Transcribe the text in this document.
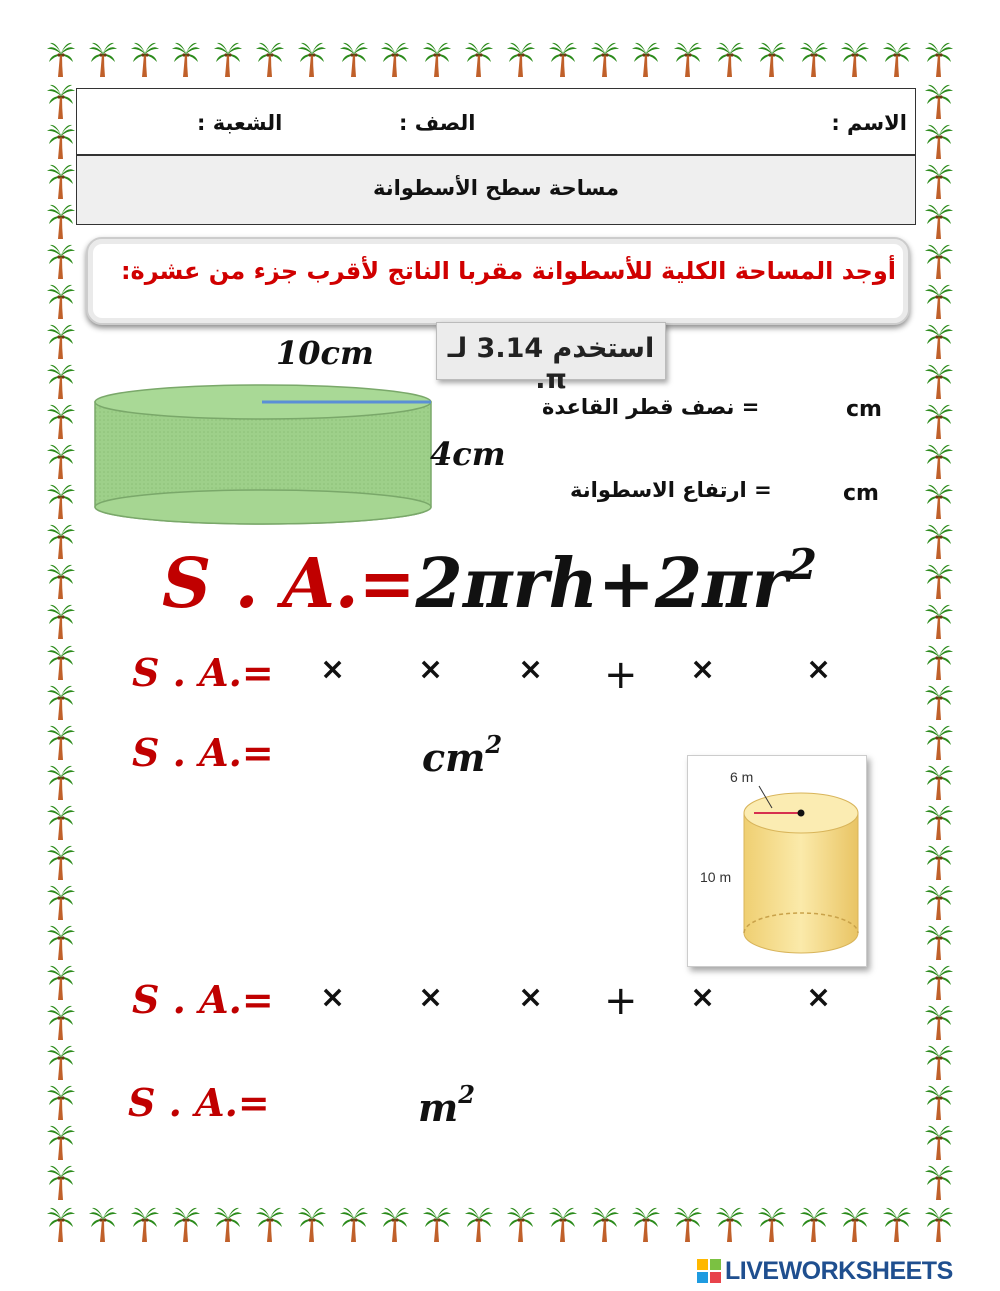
الاسم :
الصف :
الشعبة :
مساحة سطح الأسطوانة
أوجد المساحة الكلية للأسطوانة مقربا الناتج لأقرب جزء من عشرة:
استخدم 3.14 لـ π.
10cm
4cm
= نصف قطر القاعدة	cm
= ارتفاع الاسطوانة	cm
S . $A.=2\pi rh+2\pi r^2$
S . A.= × × × + ×	×
S . A.=	$cm^2$
6 m
10 m
S . A.= × × × + ×	×
S . A.=	$m^2$
LIVEWORKSHEETS
